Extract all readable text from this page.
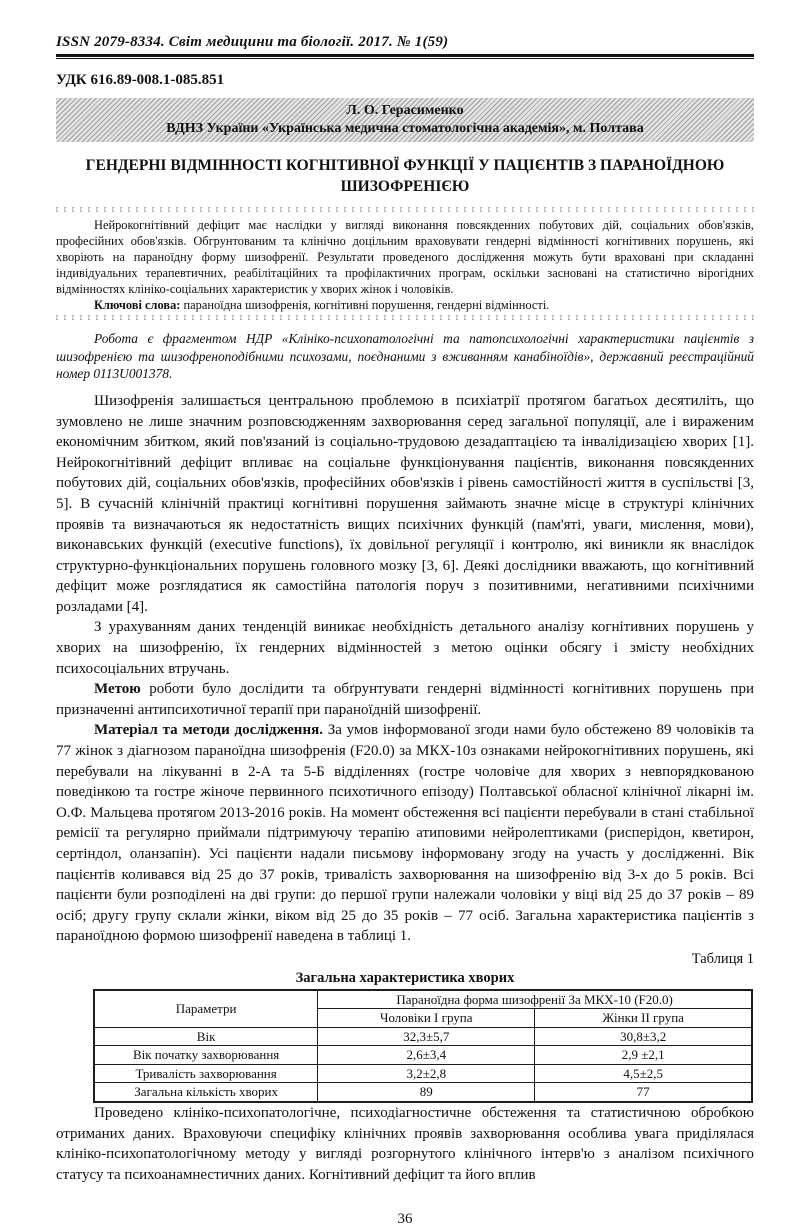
ISSN 2079-8334. Світ медицини та біології. 2017. № 1(59)
УДК 616.89-008.1-085.851
Л. О. Герасименко
ВДНЗ України «Українська медична стоматологічна академія», м. Полтава
ГЕНДЕРНІ ВІДМІННОСТІ КОГНІТИВНОЇ ФУНКЦІЇ У ПАЦІЄНТІВ З ПАРАНОЇДНОЮ ШИЗОФРЕНІЄЮ

Нейрокогнітівний дефіцит має наслідки у вигляді виконання повсякденних побутових дій, соціальних обов'язків, професійних обов'язків. Обгрунтованим та клінічно доцільним враховувати гендерні відмінності когнітивних порушень, які хворіють на параноїдну форму шизофренії. Результати проведеного дослідження можуть бути враховані при складанні індивідуальних терапевтичних, реабілітаційних та профілактичних програм, оскільки засновані на статистично вірогідних відмінностях клініко-соціальних характеристик у хворих жінок і чоловіків.

Ключові слова: параноїдна шизофренія, когнітивні порушення, гендерні відмінності.

Робота є фрагментом НДР «Клініко-психопатологічні та патопсихологічні характеристики пацієнтів з шизофренією та шизофреноподібними психозами, поєднаними з вживанням канабіноїдів», державний реєстраційний номер 0113U001378.

Шизофренія залишається центральною проблемою в психіатрії протягом багатьох десятиліть, що зумовлено не лише значним розповсюдженням захворювання серед загальної популяції, але і вираженим економічним збитком, який пов'язаний із соціально-трудовою дезадаптацією та інвалідизацією хворих [1]. Нейрокогнітівний дефіцит впливає на соціальне функціонування пацієнтів, виконання повсякденних побутових дій, соціальних обов'язків, професійних обов'язків і рівень самостійності життя в суспільстві [3, 5]. В сучасній клінічній практиці когнітивні порушення займають значне місце в структурі клінічних проявів та визначаються як недостатність вищих психічних функцій (пам'яті, уваги, мислення, мови), виконавських функцій (executive functions), їх довільної регуляції і контролю, які виникли як внаслідок структурно-функціональних порушень головного мозку [3, 6]. Деякі дослідники вважають, що когнітивний дефіцит може розглядатися як самостійна патологія поруч з позитивними, негативними психічними розладами [4].

З урахуванням даних тенденцій виникає необхідність детального аналізу когнітивних порушень у хворих на шизофренію, їх гендерних відмінностей з метою оцінки обсягу і змісту необхідних психосоціальних втручань.

Метою роботи було дослідити та обґрунтувати гендерні відмінності когнітивних порушень при призначенні антипсихотичної терапії при параноїдній шизофренії.

Матеріал та методи дослідження. За умов інформованої згоди нами було обстежено 89 чоловіків та 77 жінок з діагнозом параноїдна шизофренія (F20.0) за МКХ-10з ознаками нейрокогнітивних порушень, які перебували на лікуванні в 2-А та 5-Б відділеннях (гостре чоловіче для хворих з невпорядкованою поведінкою та гостре жіноче первинного психотичного епізоду) Полтавської обласної клінічної лікарні ім. О.Ф. Мальцева протягом 2013-2016 років. На момент обстеження всі пацієнти перебували в стані стабільної ремісії та регулярно приймали підтримуючу терапію атиповими нейролептиками (рисперідон, кветирон, сертіндол, оланзапін). Усі пацієнти надали письмову інформовану згоду на участь у дослідженні. Вік пацієнтів коливався від 25 до 37 років, тривалість захворювання на шизофренію від 3-х до 5 років. Всі пацієнти були розподілені на дві групи: до першої групи належали чоловіки у віці від 25 до 37 років – 89 осіб; другу групу склали жінки, віком від 25 до 35 років – 77 осіб. Загальна характеристика пацієнтів з параноїдною формою шизофренії наведена в таблиці 1.

Таблиця 1
Загальна характеристика хворих
Параметри	Параноїдна форма шизофренії За МКХ-10 (F20.0)	
	Чоловіки I група	Жінки II група
Вік	32,3±5,7	30,8±3,2
Вік початку захворювання	2,6±3,4	2,9 ±2,1
Тривалість захворювання	3,2±2,8	4,5±2,5
Загальна кількість хворих	89	77

Проведено клініко-психопатологічне, психодіагностичне обстеження та статистичною обробкою отриманих даних. Враховуючи специфіку клінічних проявів захворювання особлива увага приділялася клініко-психопатологічному методу у вигляді розгорнутого клінічного інтерв'ю з аналізом психічного статусу та психоанамнестичних даних. Когнітивний дефіцит та його вплив

36
